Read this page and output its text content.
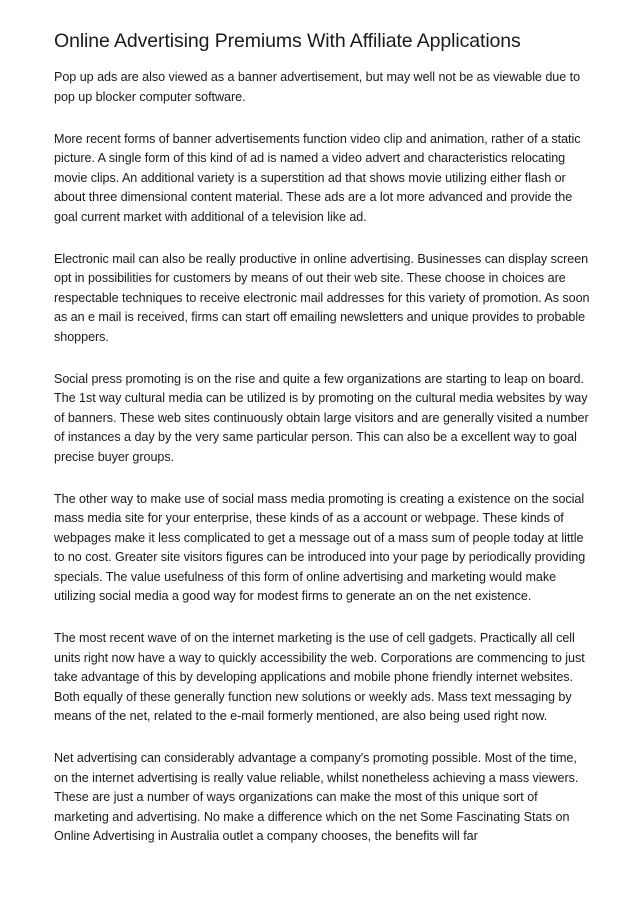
Online Advertising Premiums With Affiliate Applications

Pop up ads are also viewed as a banner advertisement, but may well not be as viewable due to pop up blocker computer software.

More recent forms of banner advertisements function video clip and animation, rather of a static picture. A single form of this kind of ad is named a video advert and characteristics relocating movie clips. An additional variety is a superstition ad that shows movie utilizing either flash or about three dimensional content material. These ads are a lot more advanced and provide the goal current market with additional of a television like ad.

Electronic mail can also be really productive in online advertising. Businesses can display screen opt in possibilities for customers by means of out their web site. These choose in choices are respectable techniques to receive electronic mail addresses for this variety of promotion. As soon as an e mail is received, firms can start off emailing newsletters and unique provides to probable shoppers.

Social press promoting is on the rise and quite a few organizations are starting to leap on board. The 1st way cultural media can be utilized is by promoting on the cultural media websites by way of banners. These web sites continuously obtain large visitors and are generally visited a number of instances a day by the very same particular person. This can also be a excellent way to goal precise buyer groups.

The other way to make use of social mass media promoting is creating a existence on the social mass media site for your enterprise, these kinds of as a account or webpage. These kinds of webpages make it less complicated to get a message out of a mass sum of people today at little to no cost. Greater site visitors figures can be introduced into your page by periodically providing specials. The value usefulness of this form of online advertising and marketing would make utilizing social media a good way for modest firms to generate an on the net existence.

The most recent wave of on the internet marketing is the use of cell gadgets. Practically all cell units right now have a way to quickly accessibility the web. Corporations are commencing to just take advantage of this by developing applications and mobile phone friendly internet websites. Both equally of these generally function new solutions or weekly ads. Mass text messaging by means of the net, related to the e-mail formerly mentioned, are also being used right now.

Net advertising can considerably advantage a company's promoting possible. Most of the time, on the internet advertising is really value reliable, whilst nonetheless achieving a mass viewers. These are just a number of ways organizations can make the most of this unique sort of marketing and advertising. No make a difference which on the net Some Fascinating Stats on Online Advertising in Australia outlet a company chooses, the benefits will far
